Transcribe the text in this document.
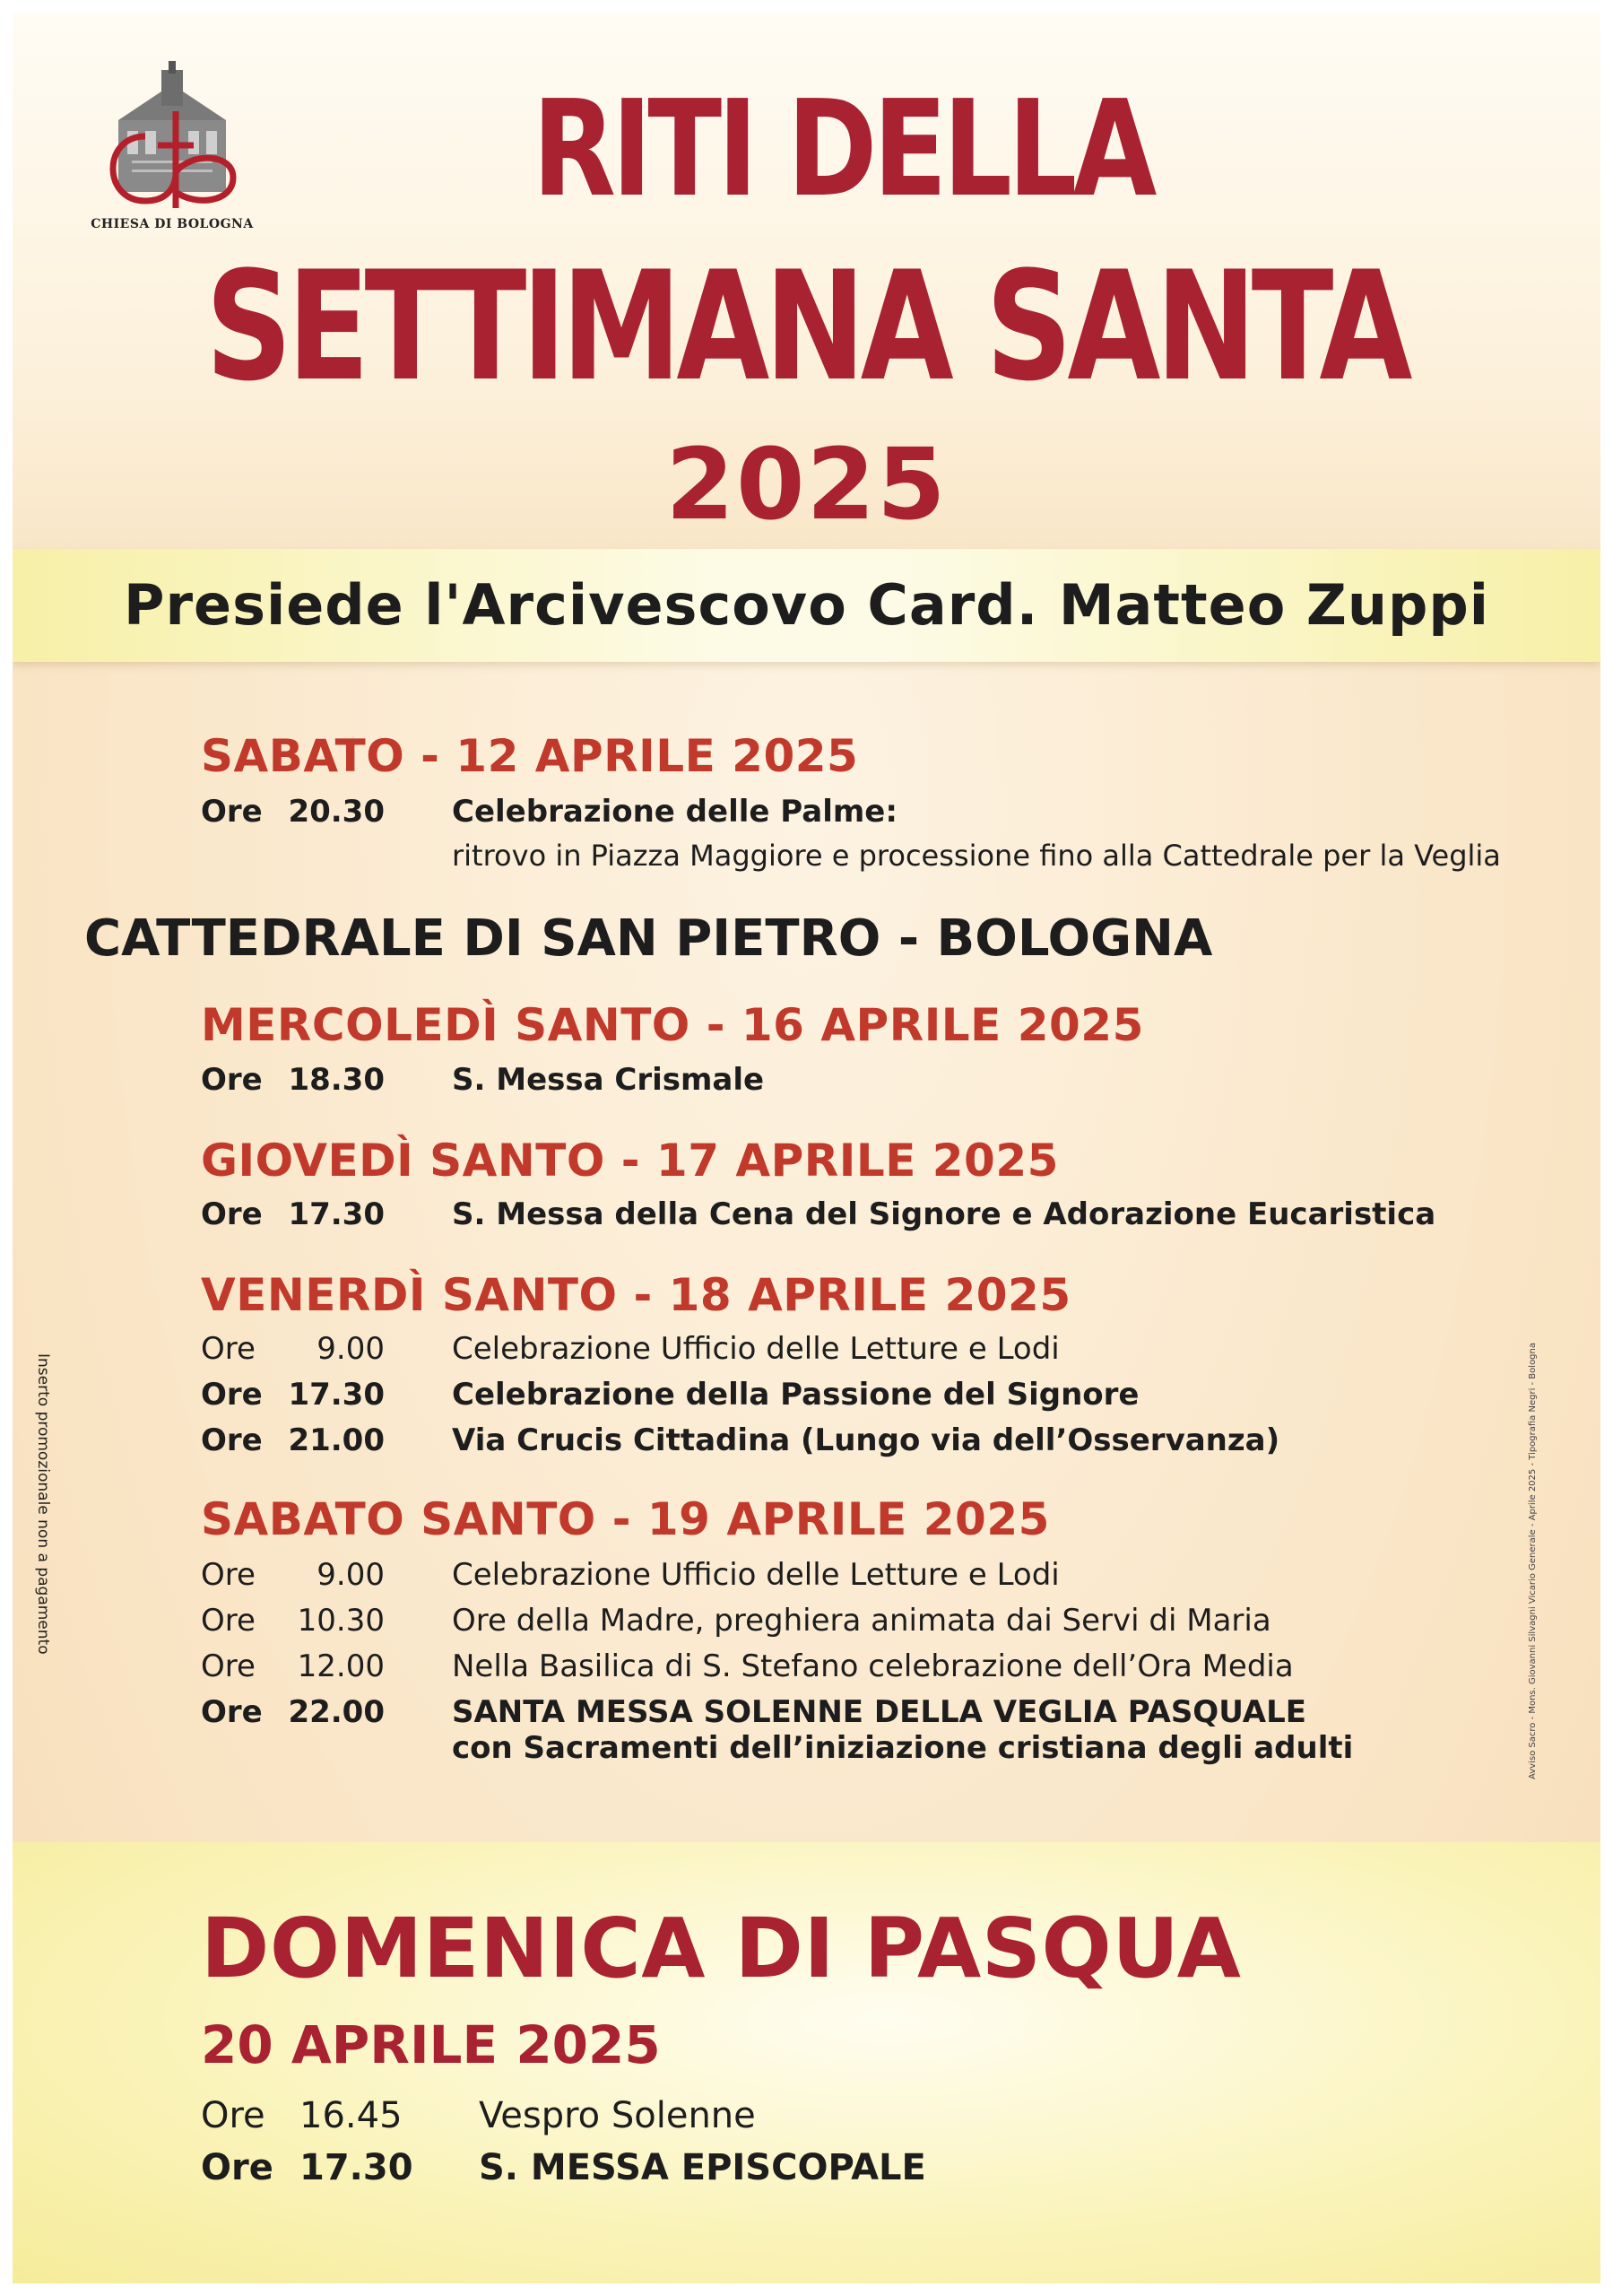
CHIESA DI BOLOGNA	RITI DELLA
SETTIMANA SANTA
2025
Presiede l'Arcivescovo Card. Matteo Zuppi
SABATO - 12 APRILE 2025
Ore 20.30 Celebrazione delle Palme:
ritrovo in Piazza Maggiore e processione fino alla Cattedrale per la Veglia
CATTEDRALE DI SAN PIETRO - BOLOGNA
MERCOLEDÌ SANTO - 16 APRILE 2025
Ore 18.30 S. Messa Crismale
GIOVEDÌ SANTO - 17 APRILE 2025
Ore 17.30 S. Messa della Cena del Signore e Adorazione Eucaristica
VENERDÌ SANTO - 18 APRILE 2025
Ore	9.00 Celebrazione Ufficio delle Letture e Lodi
Ore 17.30 Celebrazione della Passione del Signore
Ore 21.00 Via Crucis Cittadina (Lungo via dell’Osservanza)
SABATO SANTO - 19 APRILE 2025
Ore	9.00 Celebrazione Ufficio delle Letture e Lodi
Ore	10.30 Ore della Madre, preghiera animata dai Servi di Maria
Ore	12.00 Nella Basilica di S. Stefano celebrazione dell’Ora Media
Ore 22.00 SANTA MESSA SOLENNE DELLA VEGLIA PASQUALE
con Sacramenti dell’iniziazione cristiana degli adulti
DOMENICA DI PASQUA
20 APRILE 2025
Ore 16.45 Vespro Solenne
Ore 17.30 S. MESSA EPISCOPALE
Inserto promozionale non a pagamento	Avviso Sacro - Mons. Giovanni Silvagni Vicario Generale - Aprile 2025 - Tipografia Negri - Bologna
